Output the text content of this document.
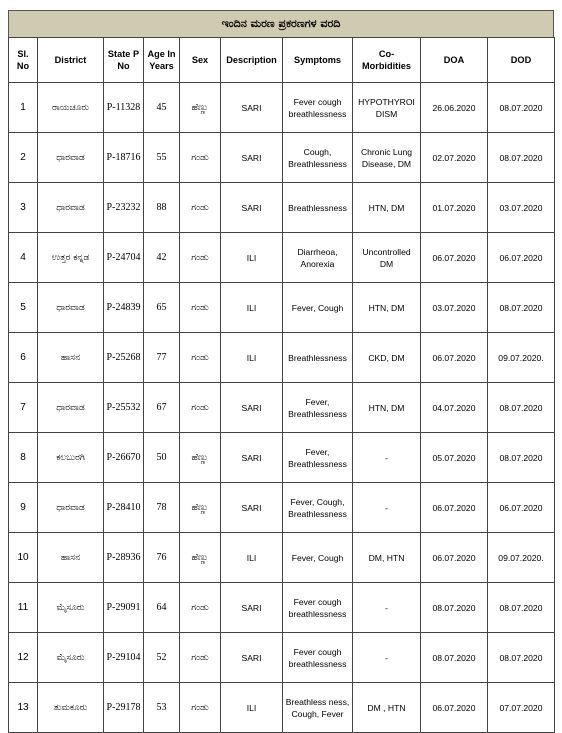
ಇಂದಿನ ಮರಣ ಪ್ರಕರಣಗಳ ವರದಿ
Sl. No	District	State P No	Age In Years	Sex	Description	Symptoms	Co-Morbidities	DOA	DOD
1	ರಾಯಚೂರು	P-11328	45	ಹೆಣ್ಣು	SARI	Fever cough breathlessness	HYPOTHYROI DISM	26.06.2020	08.07.2020
2	ಧಾರವಾಡ	P-18716	55	ಗಂಡು	SARI	Cough, Breathlessness	Chronic Lung Disease, DM	02.07.2020	08.07.2020
3	ಧಾರವಾಡ	P-23232	88	ಗಂಡು	SARI	Breathlessness	HTN, DM	01.07.2020	03.07.2020
4	ಉತ್ತರ ಕನ್ನಡ	P-24704	42	ಗಂಡು	ILI	Diarrheoa, Anorexia	Uncontrolled DM	06.07.2020	06.07.2020
5	ಧಾರವಾಡ	P-24839	65	ಗಂಡು	ILI	Fever, Cough	HTN, DM	03.07.2020	08.07.2020
6	ಹಾಸನ	P-25268	77	ಗಂಡು	ILI	Breathlessness	CKD, DM	06.07.2020	09.07.2020.
7	ಧಾರವಾಡ	P-25532	67	ಗಂಡು	SARI	Fever, Breathlessness	HTN, DM	04.07.2020	08.07.2020
8	ಕಲಬುರಗಿ	P-26670	50	ಹೆಣ್ಣು	SARI	Fever, Breathlessness	-	05.07.2020	08.07.2020
9	ಧಾರವಾಡ	P-28410	78	ಹೆಣ್ಣು	SARI	Fever, Cough, Breathlessness	-	06.07.2020	06.07.2020
10	ಹಾಸನ	P-28936	76	ಹೆಣ್ಣು	ILI	Fever, Cough	DM, HTN	06.07.2020	09.07.2020.
11	ಮೈಸೂರು	P-29091	64	ಗಂಡು	SARI	Fever cough breathlessness	-	08.07.2020	08.07.2020
12	ಮೈಸೂರು	P-29104	52	ಗಂಡು	SARI	Fever cough breathlessness	-	08.07.2020	08.07.2020
13	ತುಮಕೂರು	P-29178	53	ಗಂಡು	ILI	Breathless ness, Cough, Fever	DM , HTN	06.07.2020	07.07.2020
